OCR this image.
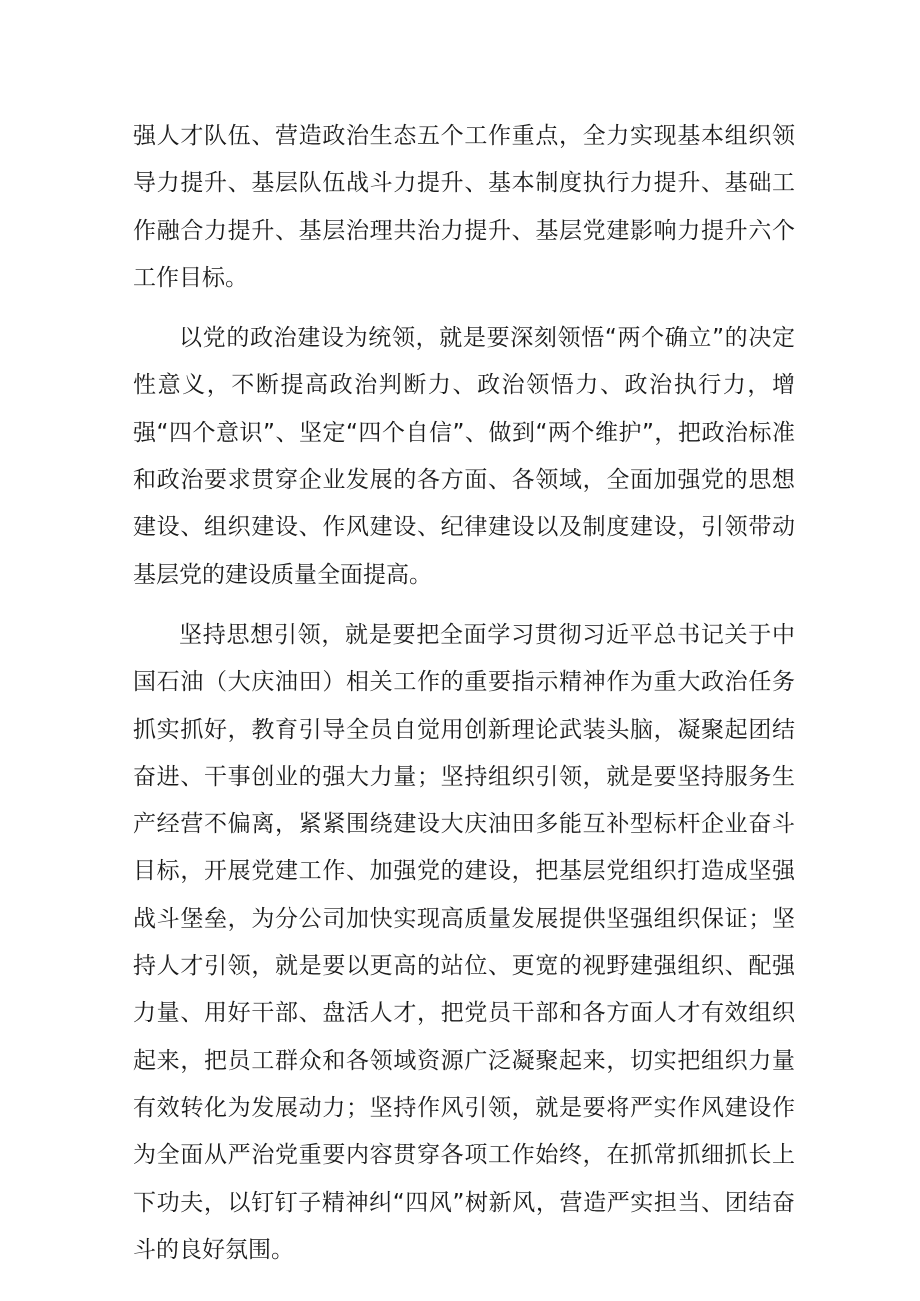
强人才队伍、营造政治生态五个工作重点，全力实现基本组织领导力提升、基层队伍战斗力提升、基本制度执行力提升、基础工作融合力提升、基层治理共治力提升、基层党建影响力提升六个工作目标。

以党的政治建设为统领，就是要深刻领悟“两个确立”的决定性意义，不断提高政治判断力、政治领悟力、政治执行力，增强“四个意识”、坚定“四个自信”、做到“两个维护”，把政治标准和政治要求贯穿企业发展的各方面、各领域，全面加强党的思想建设、组织建设、作风建设、纪律建设以及制度建设，引领带动基层党的建设质量全面提高。

坚持思想引领，就是要把全面学习贯彻习近平总书记关于中国石油（大庆油田）相关工作的重要指示精神作为重大政治任务抓实抓好，教育引导全员自觉用创新理论武装头脑，凝聚起团结奋进、干事创业的强大力量；坚持组织引领，就是要坚持服务生产经营不偏离，紧紧围绕建设大庆油田多能互补型标杆企业奋斗目标，开展党建工作、加强党的建设，把基层党组织打造成坚强战斗堡垒，为分公司加快实现高质量发展提供坚强组织保证；坚持人才引领，就是要以更高的站位、更宽的视野建强组织、配强力量、用好干部、盘活人才，把党员干部和各方面人才有效组织起来，把员工群众和各领域资源广泛凝聚起来，切实把组织力量有效转化为发展动力；坚持作风引领，就是要将严实作风建设作为全面从严治党重要内容贯穿各项工作始终，在抓常抓细抓长上下功夫，以钉钉子精神纠“四风”树新风，营造严实担当、团结奋斗的良好氛围。
